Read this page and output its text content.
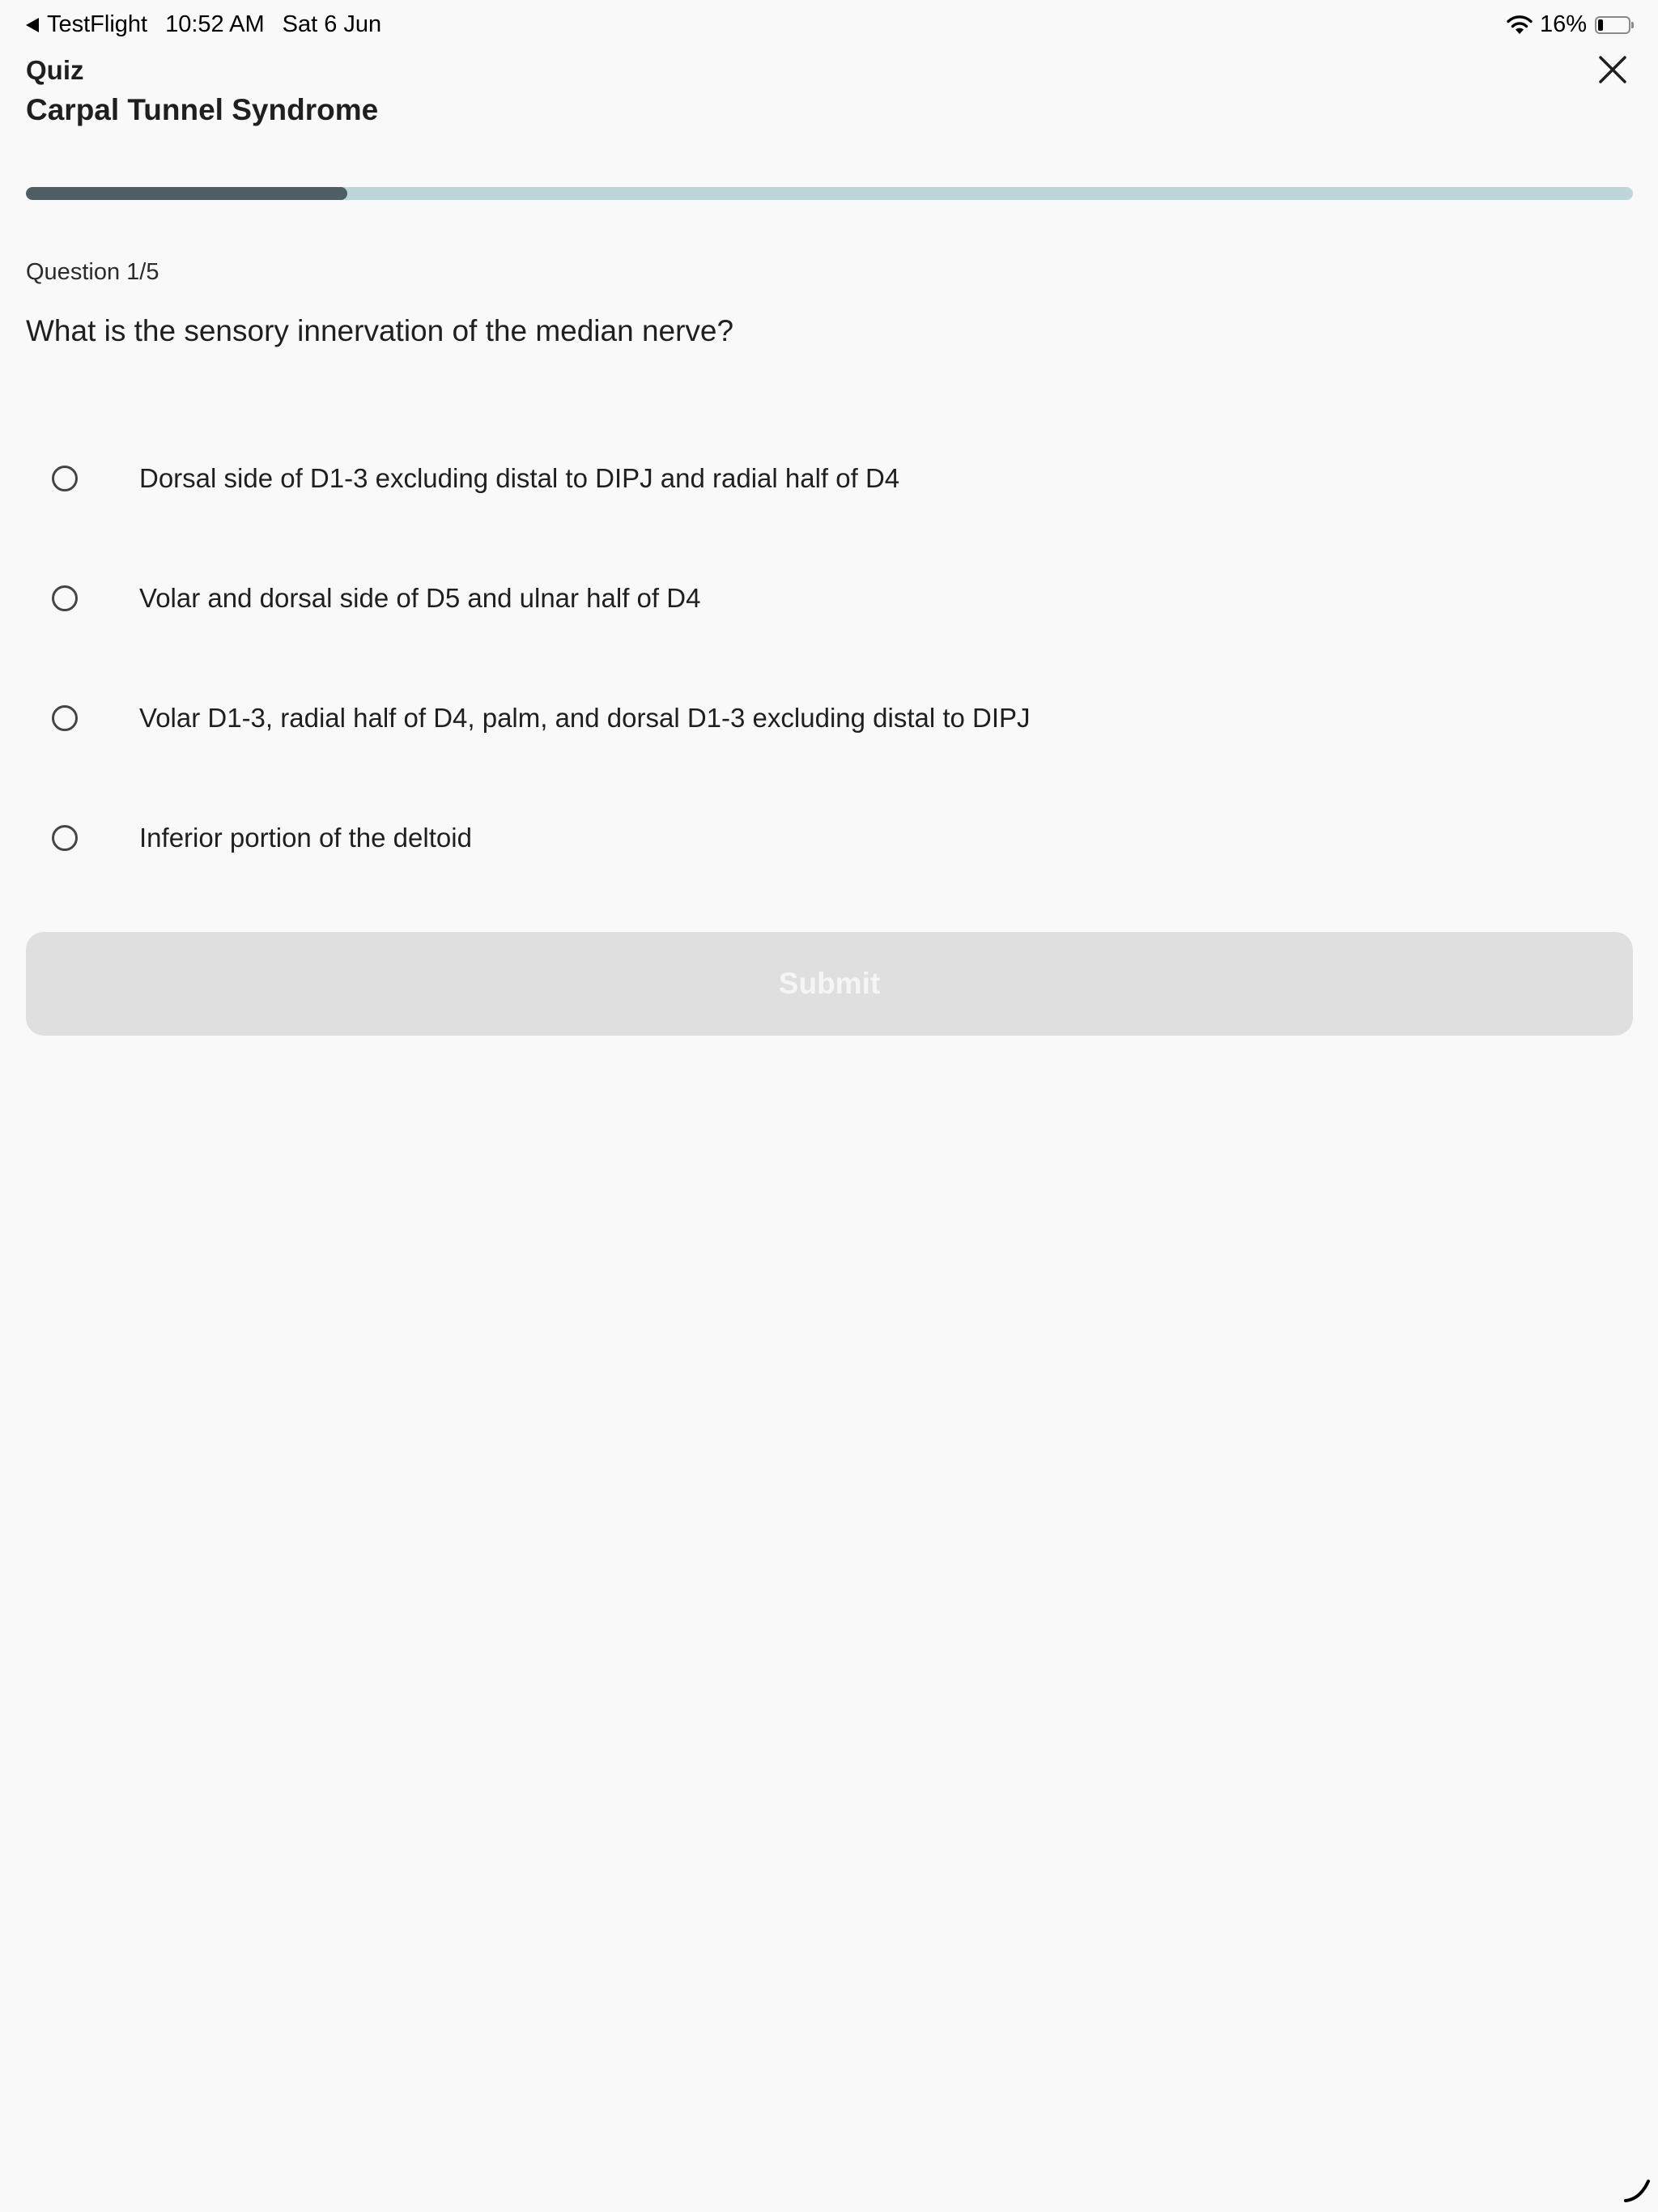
TestFlight 10:52 AM Sat 6 Jun	16%
Quiz
Carpal Tunnel Syndrome
Question 1/5
What is the sensory innervation of the median nerve?
Dorsal side of D1-3 excluding distal to DIPJ and radial half of D4
Volar and dorsal side of D5 and ulnar half of D4
Volar D1-3, radial half of D4, palm, and dorsal D1-3 excluding distal to DIPJ
Inferior portion of the deltoid
Submit
